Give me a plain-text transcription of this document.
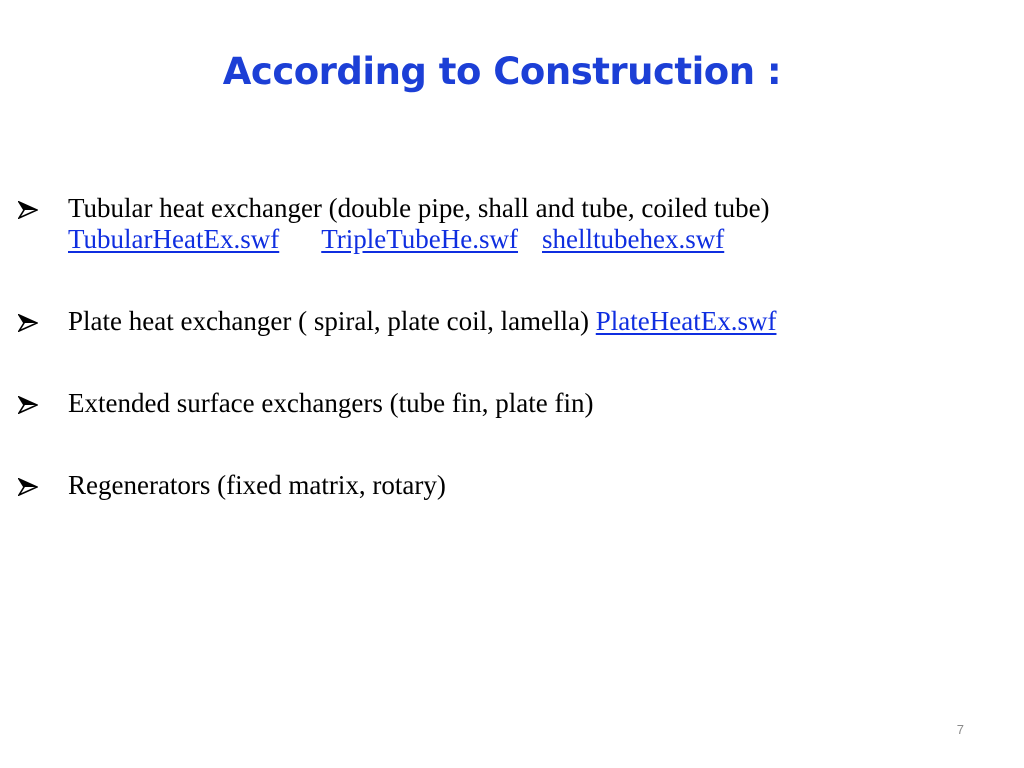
According to Construction :
Tubular heat exchanger (double pipe, shall and tube, coiled tube)
TubularHeatEx.swf TripleTubeHe.swf shelltubehex.swf
Plate heat exchanger ( spiral, plate coil, lamella) PlateHeatEx.swf
Extended surface exchangers (tube fin, plate fin)
Regenerators (fixed matrix, rotary)
7
